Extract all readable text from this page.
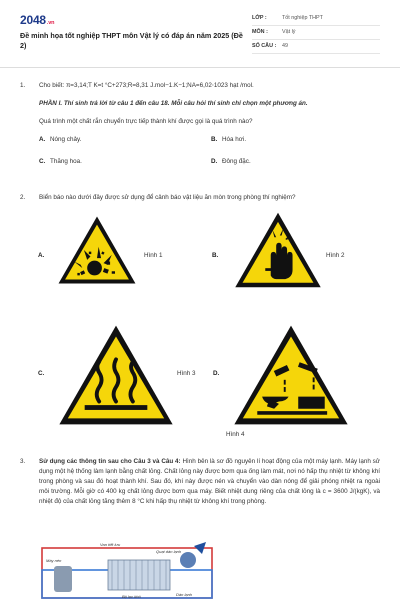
2048.vn
Đề minh họa tốt nghiệp THPT môn Vật lý có đáp án năm 2025 (Đề 2)
LỚP :	Tốt nghiệp THPT
MÔN :	Vật lý
SỐ CÂU :	49
1. Cho biết: π=3,14;T K=t °C+273;R=8,31 J.mol−1.K−1;NA=6,02⋅1023 hạt /mol.
PHẦN I. Thí sinh trả lời từ câu 1 đến câu 18. Mỗi câu hỏi thí sinh chỉ chọn một phương án.
Quá trình một chất rắn chuyển trực tiếp thành khí được gọi là quá trình nào?
A. Nóng chảy.	B. Hóa hơi.
C. Thăng hoa.	D. Đông đặc.
2. Biển báo nào dưới đây được sử dụng để cảnh báo vật liệu ăn mòn trong phòng thí nghiệm?
A.	Hình 1	B.	Hình 2
C.	Hình 3	D.
Hình 4
3. Sử dụng các thông tin sau cho Câu 3 và Câu 4: Hình bên là sơ đồ nguyên lí hoạt động của một máy lạnh. Máy lạnh sử dụng một hệ thống làm lạnh bằng chất lỏng. Chất lỏng này được bơm qua ống làm mát, nơi nó hấp thụ nhiệt từ không khí trong phòng và sau đó hoạt thành khí. Sau đó, khí này được nén và chuyển vào dàn nóng để giải phóng nhiệt ra ngoài môi trường. Mỗi giờ có 400 kg chất lỏng được bơm qua máy. Biết nhiệt dung riêng của chất lỏng là c = 3600 J/(kgK), và nhiệt độ của chất lỏng tăng thêm 8 °C khi hấp thụ nhiệt từ không khí trong phòng.
Van tiết lưu
Quạt dàn lạnh
Máy nén
Dàn lạnh
Bộ lọc khô
